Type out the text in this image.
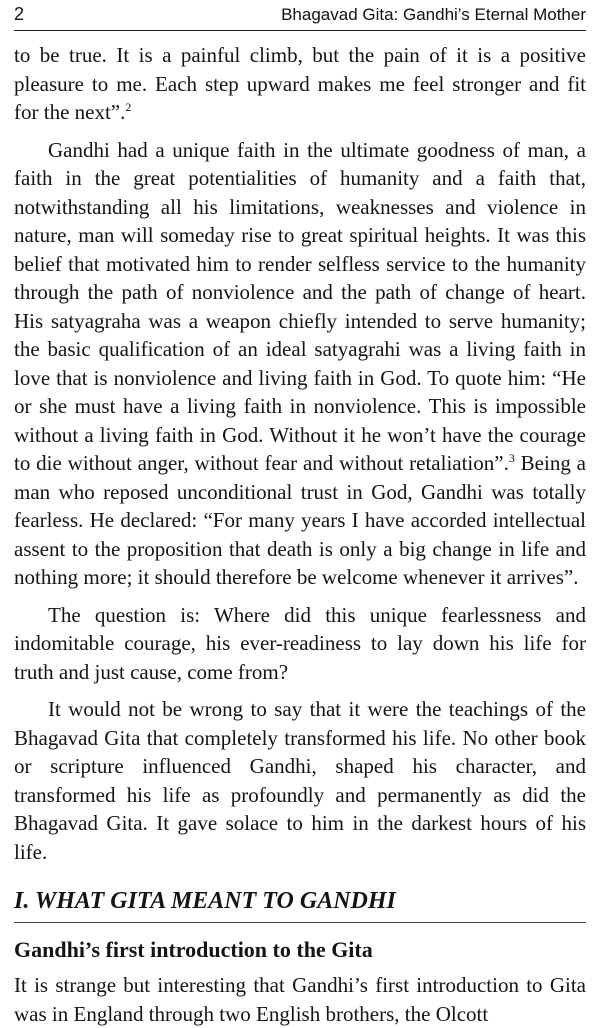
2	Bhagavad Gita: Gandhi’s Eternal Mother

to be true. It is a painful climb, but the pain of it is a positive pleasure to me. Each step upward makes me feel stronger and fit for the next”.$^2$

Gandhi had a unique faith in the ultimate goodness of man, a faith in the great potentialities of humanity and a faith that, notwithstanding all his limitations, weaknesses and violence in nature, man will someday rise to great spiritual heights. It was this belief that motivated him to render selfless service to the humanity through the path of nonviolence and the path of change of heart. His satyagraha was a weapon chiefly intended to serve humanity; the basic qualification of an ideal satyagrahi was a living faith in love that is nonviolence and living faith in God. To quote him: “He or she must have a living faith in nonviolence. This is impossible without a living faith in God. Without it he won’t have the courage to die without anger, without fear and without retaliation”.$^3$ Being a man who reposed unconditional trust in God, Gandhi was totally fearless. He declared: “For many years I have accorded intellectual assent to the proposition that death is only a big change in life and nothing more; it should therefore be welcome whenever it arrives”.

The question is: Where did this unique fearlessness and indomitable courage, his ever-readiness to lay down his life for truth and just cause, come from?

It would not be wrong to say that it were the teachings of the Bhagavad Gita that completely transformed his life. No other book or scripture influenced Gandhi, shaped his character, and transformed his life as profoundly and permanently as did the Bhagavad Gita. It gave solace to him in the darkest hours of his life.

I. WHAT GITA MEANT TO GANDHI
Gandhi’s first introduction to the Gita

It is strange but interesting that Gandhi’s first introduction to Gita was in England through two English brothers, the Olcott
